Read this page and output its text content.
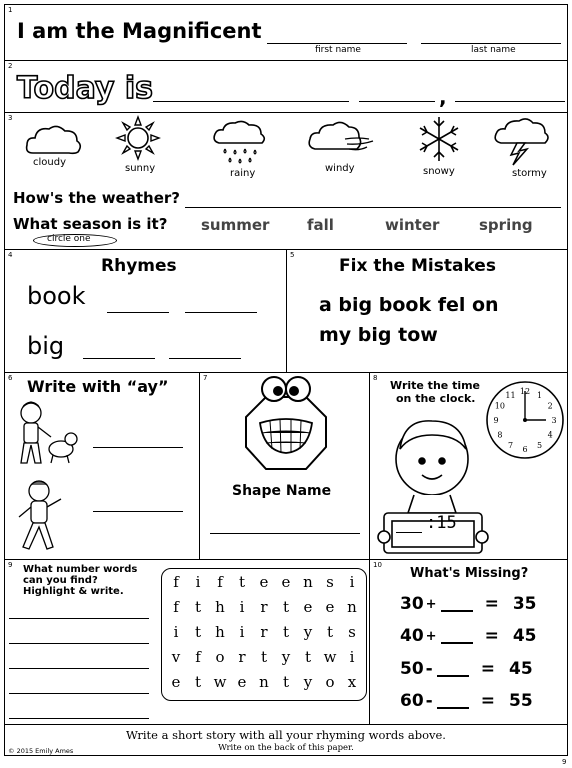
1
I am the Magnificent
first name	last name
2
Today is	,
3
cloudy
sunny	rainy	windy	snowy	stormy
How's the weather?
What season is it?
circle one
summer	fall	winter	spring
4
Rhymes
book
big
5
Fix the Mistakes
a big book fel on
my big tow
6 Write with “ay”	7
Shape Name
8
Write the time
on the clock.
12 1
2
3
4
5
6
7
8
9
10
11
:15
9 What number words
can you find?
Highlight & write.
f	i	f	t e e n s	i
f	t h i	r	t e e n
i	t h i	r	t y t	s
v f o r	t y t w i
e t w e n t y o x
10
What's Missing?
30 +	= 35
40 +	= 45
50 -	= 45
60 -	= 55
Write a short story with all your rhyming words above.
Write on the back of this paper.
© 2015 Emily Ames
9
